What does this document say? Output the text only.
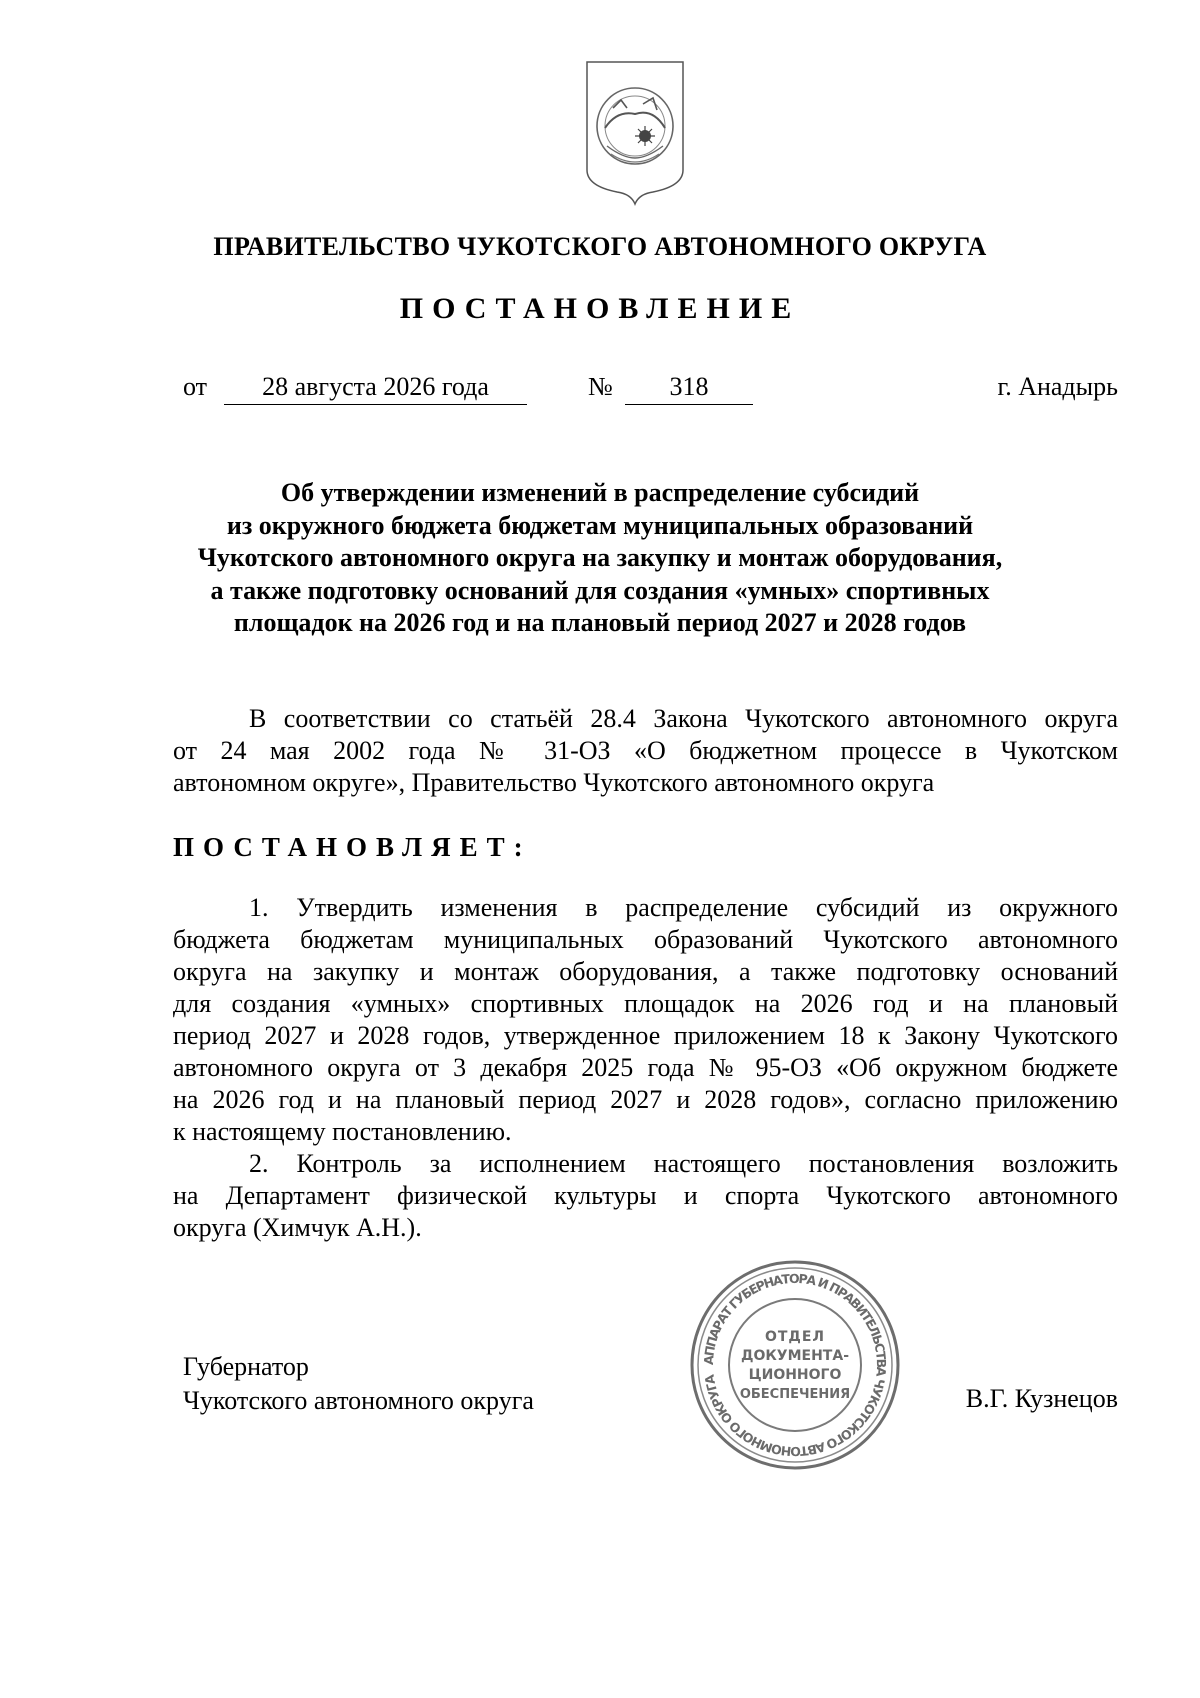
ПРАВИТЕЛЬСТВО ЧУКОТСКОГО АВТОНОМНОГО ОКРУГА
ПОСТАНОВЛЕНИЕ
от	28 августа 2026 года	№	318	г. Анадырь
Об утверждении изменений в распределение субсидий
из окружного бюджета бюджетам муниципальных образований
Чукотского автономного округа на закупку и монтаж оборудования,
а также подготовку оснований для создания «умных» спортивных
площадок на 2026 год и на плановый период 2027 и 2028 годов
В соответствии со статьёй 28.4 Закона Чукотского автономного округа
от 24 мая 2002 года № 31-ОЗ «О бюджетном процессе в Чукотском
автономном округе», Правительство Чукотского автономного округа
ПОСТАНОВЛЯЕТ:
1. Утвердить изменения в распределение субсидий из окружного
бюджета бюджетам муниципальных образований Чукотского автономного
округа на закупку и монтаж оборудования, а также подготовку оснований
для создания «умных» спортивных площадок на 2026 год и на плановый
период 2027 и 2028 годов, утвержденное приложением 18 к Закону Чукотского
автономного округа от 3 декабря 2025 года № 95-ОЗ «Об окружном бюджете
на 2026 год и на плановый период 2027 и 2028 годов», согласно приложению
к настоящему постановлению.
2. Контроль за исполнением настоящего постановления возложить
на Департамент физической культуры и спорта Чукотского автономного
округа (Химчук А.Н.).
Губернатор
Чукотского автономного округа	В.Г. Кузнецов
АППАРАТ ГУБЕРНАТОРА И ПРАВИТЕЛЬСТВА ЧУКОТСКОГО АВТОНОМНОГО ОКРУГА
ОТДЕЛ
ДОКУМЕНТА-
ЦИОННОГО
ОБЕСПЕЧЕНИЯ
